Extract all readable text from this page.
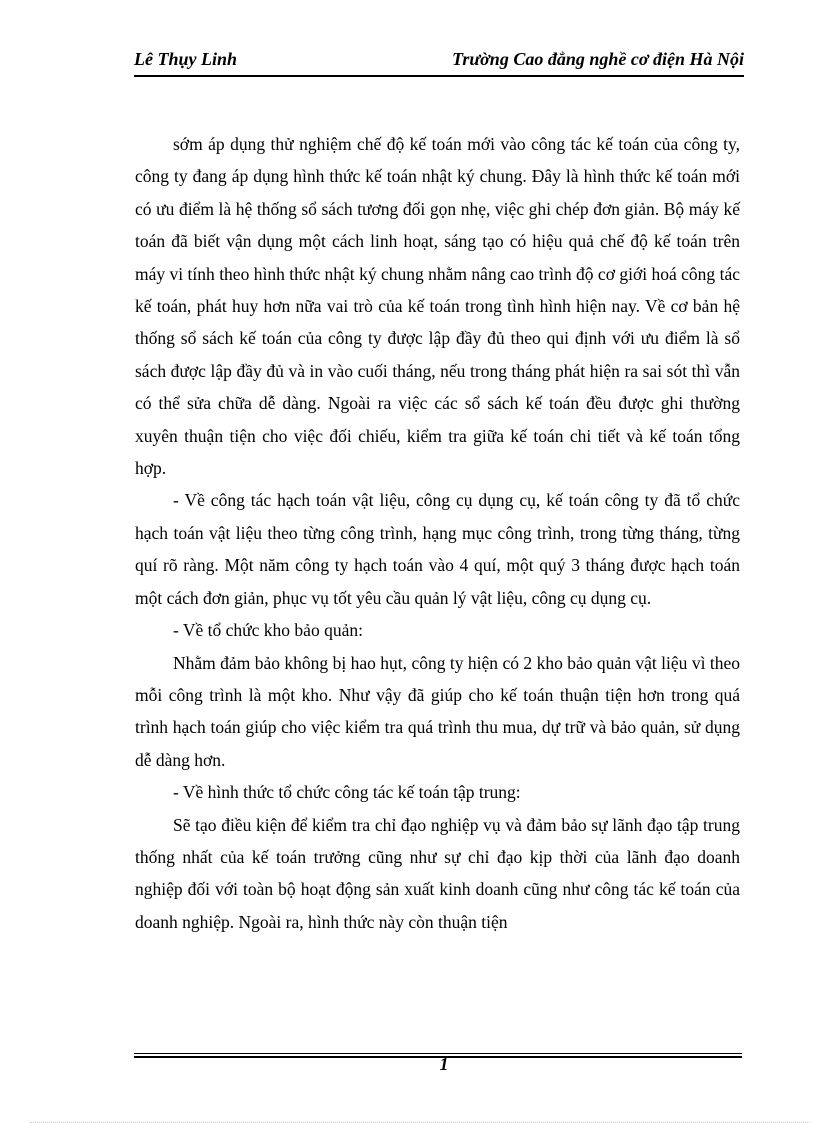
Lê Thụy Linh	Trường Cao đẳng nghề cơ điện Hà Nội

sớm áp dụng thử nghiệm chế độ kế toán mới vào công tác kế toán của công ty, công ty đang áp dụng hình thức kế toán nhật ký chung. Đây là hình thức kế toán mới có ưu điểm là hệ thống sổ sách tương đối gọn nhẹ, việc ghi chép đơn giản. Bộ máy kế toán đã biết vận dụng một cách linh hoạt, sáng tạo có hiệu quả chế độ kế toán trên máy vi tính theo hình thức nhật ký chung nhằm nâng cao trình độ cơ giới hoá công tác kế toán, phát huy hơn nữa vai trò của kế toán trong tình hình hiện nay. Về cơ bản hệ thống sổ sách kế toán của công ty được lập đầy đủ theo qui định với ưu điểm là sổ sách được lập đầy đủ và in vào cuối tháng, nếu trong tháng phát hiện ra sai sót thì vẫn có thể sửa chữa dễ dàng. Ngoài ra việc các sổ sách kế toán đều được ghi thường xuyên thuận tiện cho việc đối chiếu, kiểm tra giữa kế toán chi tiết và kế toán tổng hợp.

- Về công tác hạch toán vật liệu, công cụ dụng cụ, kế toán công ty đã tổ chức hạch toán vật liệu theo từng công trình, hạng mục công trình, trong từng tháng, từng quí rõ ràng. Một năm công ty hạch toán vào 4 quí, một quý 3 tháng được hạch toán một cách đơn giản, phục vụ tốt yêu cầu quản lý vật liệu, công cụ dụng cụ.

- Về tổ chức kho bảo quản:

Nhằm đảm bảo không bị hao hụt, công ty hiện có 2 kho bảo quản vật liệu vì theo mỗi công trình là một kho. Như vậy đã giúp cho kế toán thuận tiện hơn trong quá trình hạch toán giúp cho việc kiểm tra quá trình thu mua, dự trữ và bảo quản, sử dụng dễ dàng hơn.

- Về hình thức tổ chức công tác kế toán tập trung:

Sẽ tạo điều kiện để kiểm tra chỉ đạo nghiệp vụ và đảm bảo sự lãnh đạo tập trung thống nhất của kế toán trưởng cũng như sự chỉ đạo kịp thời của lãnh đạo doanh nghiệp đối với toàn bộ hoạt động sản xuất kinh doanh cũng như công tác kế toán của doanh nghiệp. Ngoài ra, hình thức này còn thuận tiện

1
